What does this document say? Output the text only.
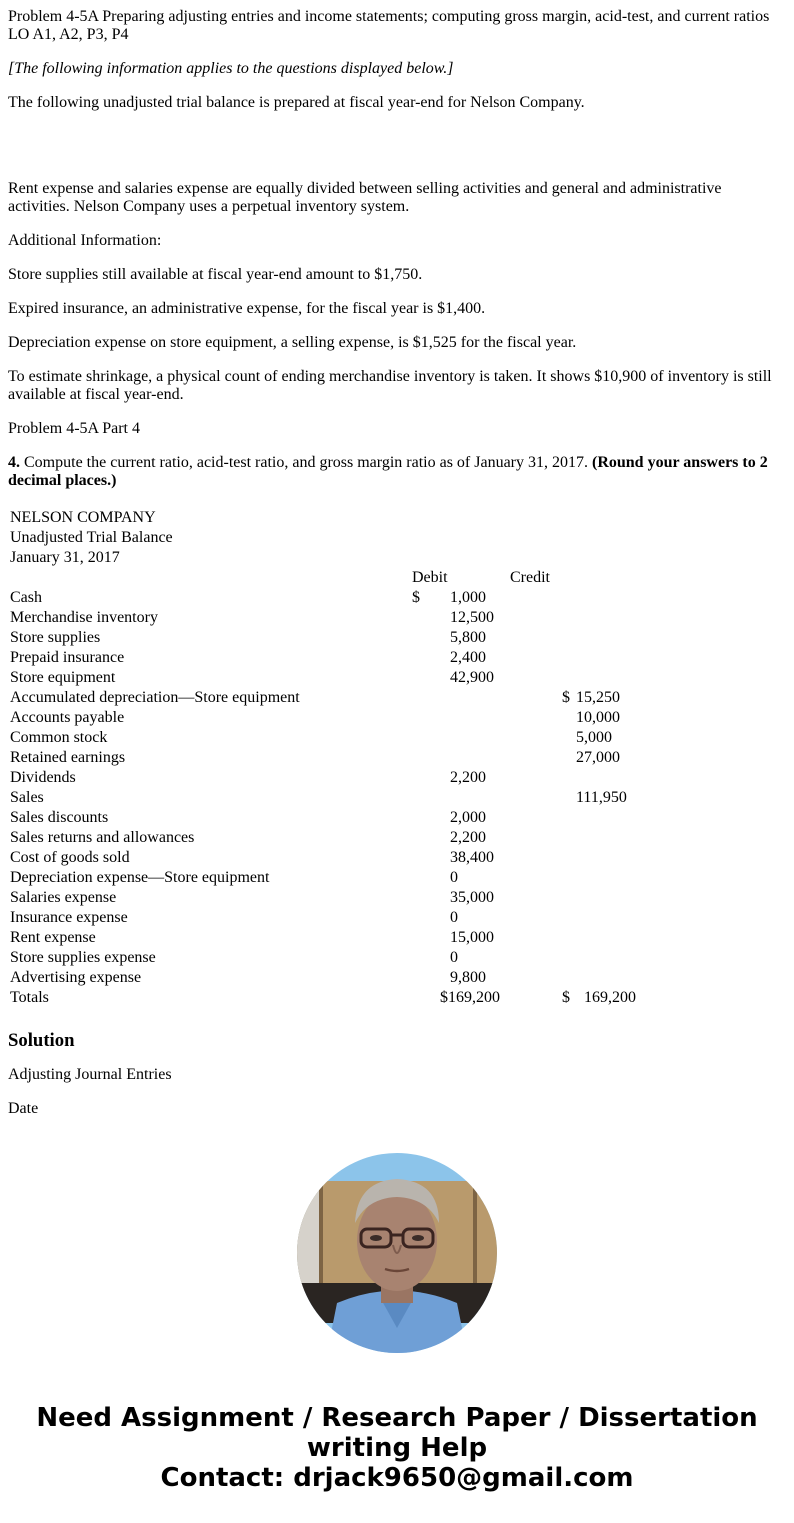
Problem 4-5A Preparing adjusting entries and income statements; computing gross margin, acid-test, and current ratios
LO A1, A2, P3, P4

[The following information applies to the questions displayed below.]

The following unadjusted trial balance is prepared at fiscal year-end for Nelson Company.

Rent expense and salaries expense are equally divided between selling activities and general and administrative activities. Nelson Company uses a perpetual inventory system.

Additional Information:

Store supplies still available at fiscal year-end amount to $1,750.

Expired insurance, an administrative expense, for the fiscal year is $1,400.

Depreciation expense on store equipment, a selling expense, is $1,525 for the fiscal year.

To estimate shrinkage, a physical count of ending merchandise inventory is taken. It shows $10,900 of inventory is still available at fiscal year-end.

Problem 4-5A Part 4

4. Compute the current ratio, acid-test ratio, and gross margin ratio as of January 31, 2017. (Round your answers to 2 decimal places.)

NELSON COMPANY				
Unadjusted Trial Balance				
January 31, 2017				
	Debit		Credit	
Cash	$	1,000		
Merchandise inventory		12,500		
Store supplies		5,800		
Prepaid insurance		2,400		
Store equipment		42,900		
Accumulated depreciation—Store equipment			$	15,250
Accounts payable				10,000
Common stock				5,000
Retained earnings				27,000
Dividends		2,200		
Sales				111,950
Sales discounts		2,000		
Sales returns and allowances		2,200		
Cost of goods sold		38,400		
Depreciation expense—Store equipment		0		
Salaries expense		35,000		
Insurance expense		0		
Rent expense		15,000		
Store supplies expense		0		
Advertising expense		9,800		
Totals	$169,200		$	169,200
Solution

Adjusting Journal Entries

Date

Need Assignment / Research Paper / Dissertation
writing Help
Contact: drjack9650@gmail.com
